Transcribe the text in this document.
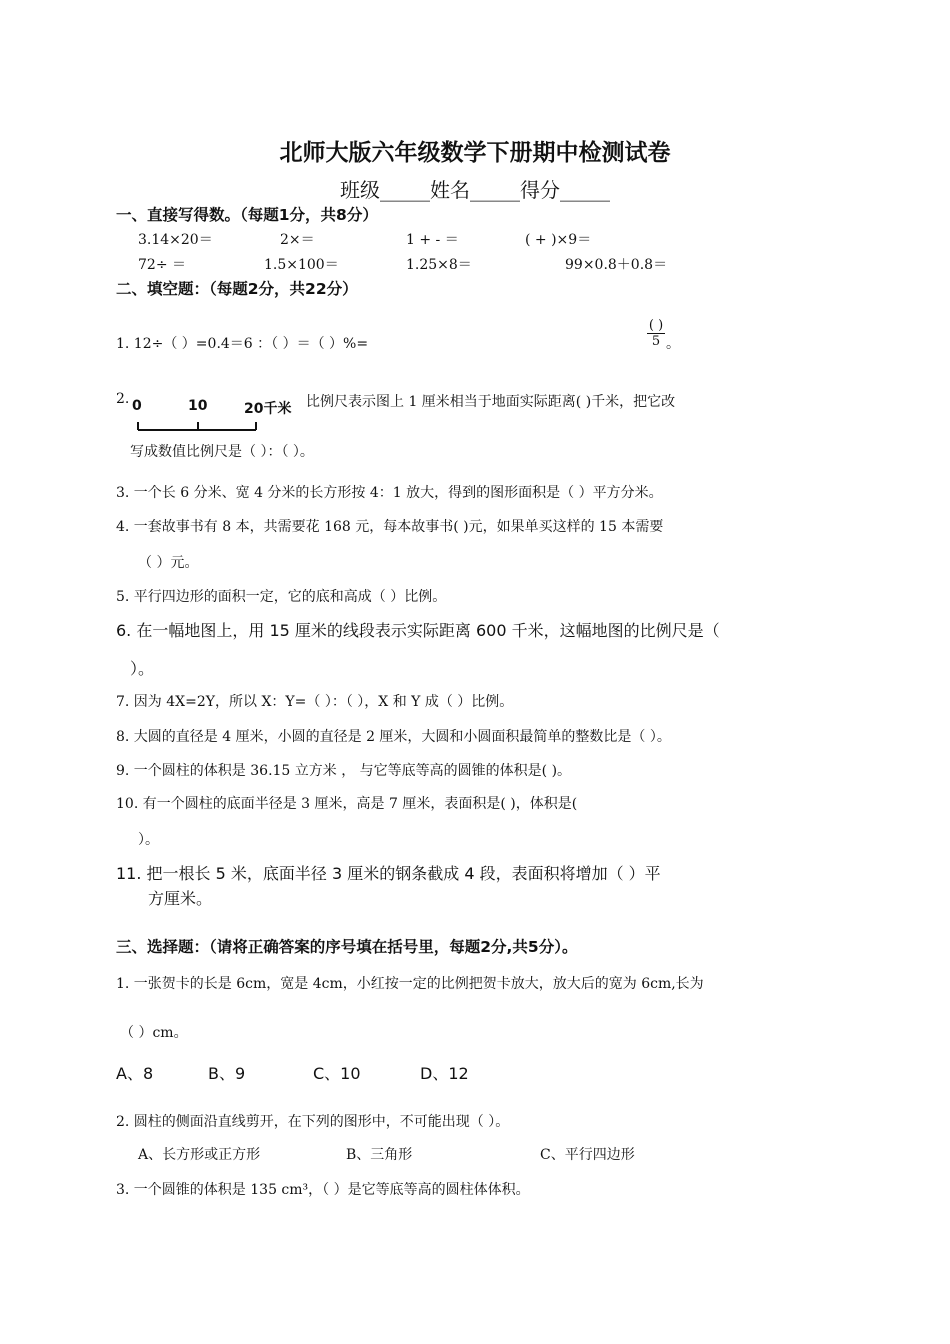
北师大版六年级数学下册期中检测试卷
班级_____姓名_____得分_____
一、直接写得数。（每题1分，共8分）
3.14×20＝	2×＝	1 + - ＝	( + )×9＝
72÷ ＝	1.5×100＝	1.25×8＝	99×0.8＋0.8＝
二、填空题：（每题2分，共22分）
1. 12÷（ ）=0.4＝6 ：（ ）＝（ ）%=
( )
5 。
2. 0	10	20千米 比例尺表示图上 1 厘米相当于地面实际距离( )千米，把它改
写成数值比例尺是（ ）：（ ）。
3. 一个长 6 分米、宽 4 分米的长方形按 4：1 放大，得到的图形面积是（ ）平方分米。
4. 一套故事书有 8 本，共需要花 168 元，每本故事书( )元，如果单买这样的 15 本需要
（ ）元。
5. 平行四边形的面积一定，它的底和高成（ ）比例。
6. 在一幅地图上，用 15 厘米的线段表示实际距离 600 千米，这幅地图的比例尺是（
）。
7. 因为 4X=2Y，所以 X：Y=（ ）：（ ），X 和 Y 成（ ）比例。
8. 大圆的直径是 4 厘米，小圆的直径是 2 厘米，大圆和小圆面积最简单的整数比是（ ）。
9. 一个圆柱的体积是 36.15 立方米 ， 与它等底等高的圆锥的体积是( )。
10. 有一个圆柱的底面半径是 3 厘米，高是 7 厘米，表面积是( )，体积是(
）。
11. 把一根长 5 米，底面半径 3 厘米的钢条截成 4 段，表面积将增加（ ）平
方厘米。
三、选择题：（请将正确答案的序号填在括号里，每题2分,共5分）。
1. 一张贺卡的长是 6cm，宽是 4cm，小红按一定的比例把贺卡放大，放大后的宽为 6cm,长为
（ ）cm。
A、8	B、9	C、10	D、12
2. 圆柱的侧面沿直线剪开，在下列的图形中，不可能出现（ ）。
A、长方形或正方形	B、三角形	C、平行四边形
3. 一个圆锥的体积是 135 cm³，（ ）是它等底等高的圆柱体体积。
